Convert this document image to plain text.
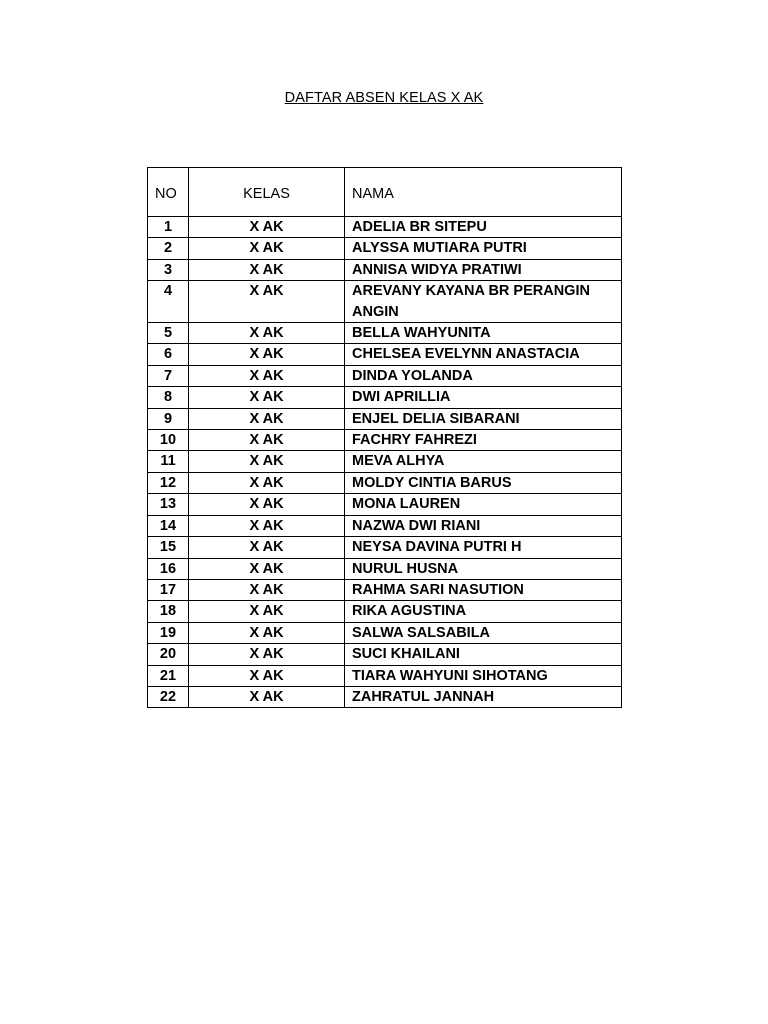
DAFTAR ABSEN KELAS X AK
NO	KELAS	NAMA
1	X AK	ADELIA BR SITEPU
2	X AK	ALYSSA MUTIARA PUTRI
3	X AK	ANNISA WIDYA PRATIWI
4	X AK	AREVANY KAYANA BR PERANGIN ANGIN
5	X AK	BELLA WAHYUNITA
6	X AK	CHELSEA EVELYNN ANASTACIA
7	X AK	DINDA YOLANDA
8	X AK	DWI APRILLIA
9	X AK	ENJEL DELIA SIBARANI
10	X AK	FACHRY FAHREZI
11	X AK	MEVA ALHYA
12	X AK	MOLDY CINTIA BARUS
13	X AK	MONA LAUREN
14	X AK	NAZWA DWI RIANI
15	X AK	NEYSA DAVINA PUTRI H
16	X AK	NURUL HUSNA
17	X AK	RAHMA SARI NASUTION
18	X AK	RIKA AGUSTINA
19	X AK	SALWA SALSABILA
20	X AK	SUCI KHAILANI
21	X AK	TIARA WAHYUNI SIHOTANG
22	X AK	ZAHRATUL JANNAH
